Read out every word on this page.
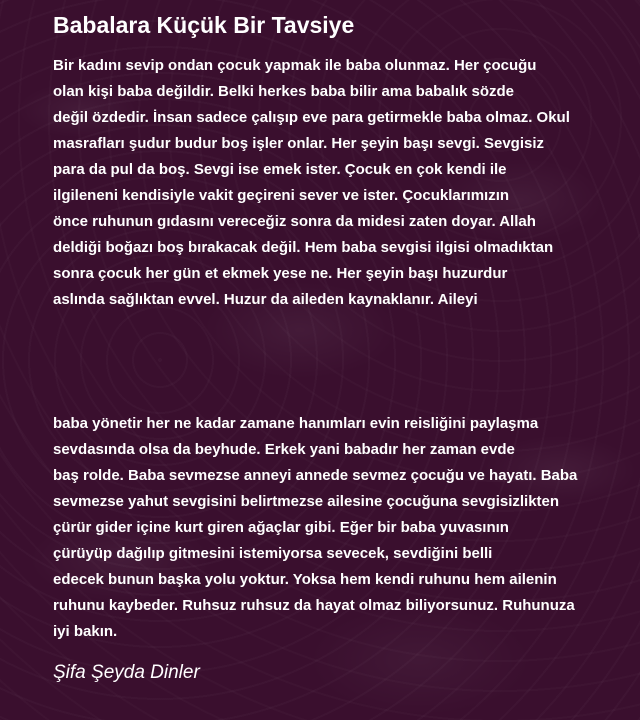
Babalara Küçük Bir Tavsiye
Bir kadını sevip ondan çocuk yapmak ile baba olunmaz. Her çocuğu
olan kişi baba değildir. Belki herkes baba bilir ama babalık sözde
değil özdedir. İnsan sadece çalışıp eve para getirmekle baba olmaz. Okul
masrafları şudur budur boş işler onlar. Her şeyin başı sevgi. Sevgisiz
para da pul da boş. Sevgi ise emek ister. Çocuk en çok kendi ile
ilgileneni kendisiyle vakit geçireni sever ve ister. Çocuklarımızın
önce ruhunun gıdasını vereceğiz sonra da midesi zaten doyar. Allah
deldiği boğazı boş bırakacak değil. Hem baba sevgisi ilgisi olmadıktan
sonra çocuk her gün et ekmek yese ne. Her şeyin başı huzurdur
aslında sağlıktan evvel. Huzur da aileden kaynaklanır. Aileyi
baba yönetir her ne kadar zamane hanımları evin reisliğini paylaşma
sevdasında olsa da beyhude. Erkek yani babadır her zaman evde
baş rolde. Baba sevmezse anneyi annede sevmez çocuğu ve hayatı. Baba
sevmezse yahut sevgisini belirtmezse ailesine çocuğuna sevgisizlikten
çürür gider içine kurt giren ağaçlar gibi. Eğer bir baba yuvasının
çürüyüp dağılıp gitmesini istemiyorsa sevecek, sevdiğini belli
edecek bunun başka yolu yoktur. Yoksa hem kendi ruhunu hem ailenin
ruhunu kaybeder. Ruhsuz ruhsuz da hayat olmaz biliyorsunuz. Ruhunuza
iyi bakın.
Şifa Şeyda Dinler
